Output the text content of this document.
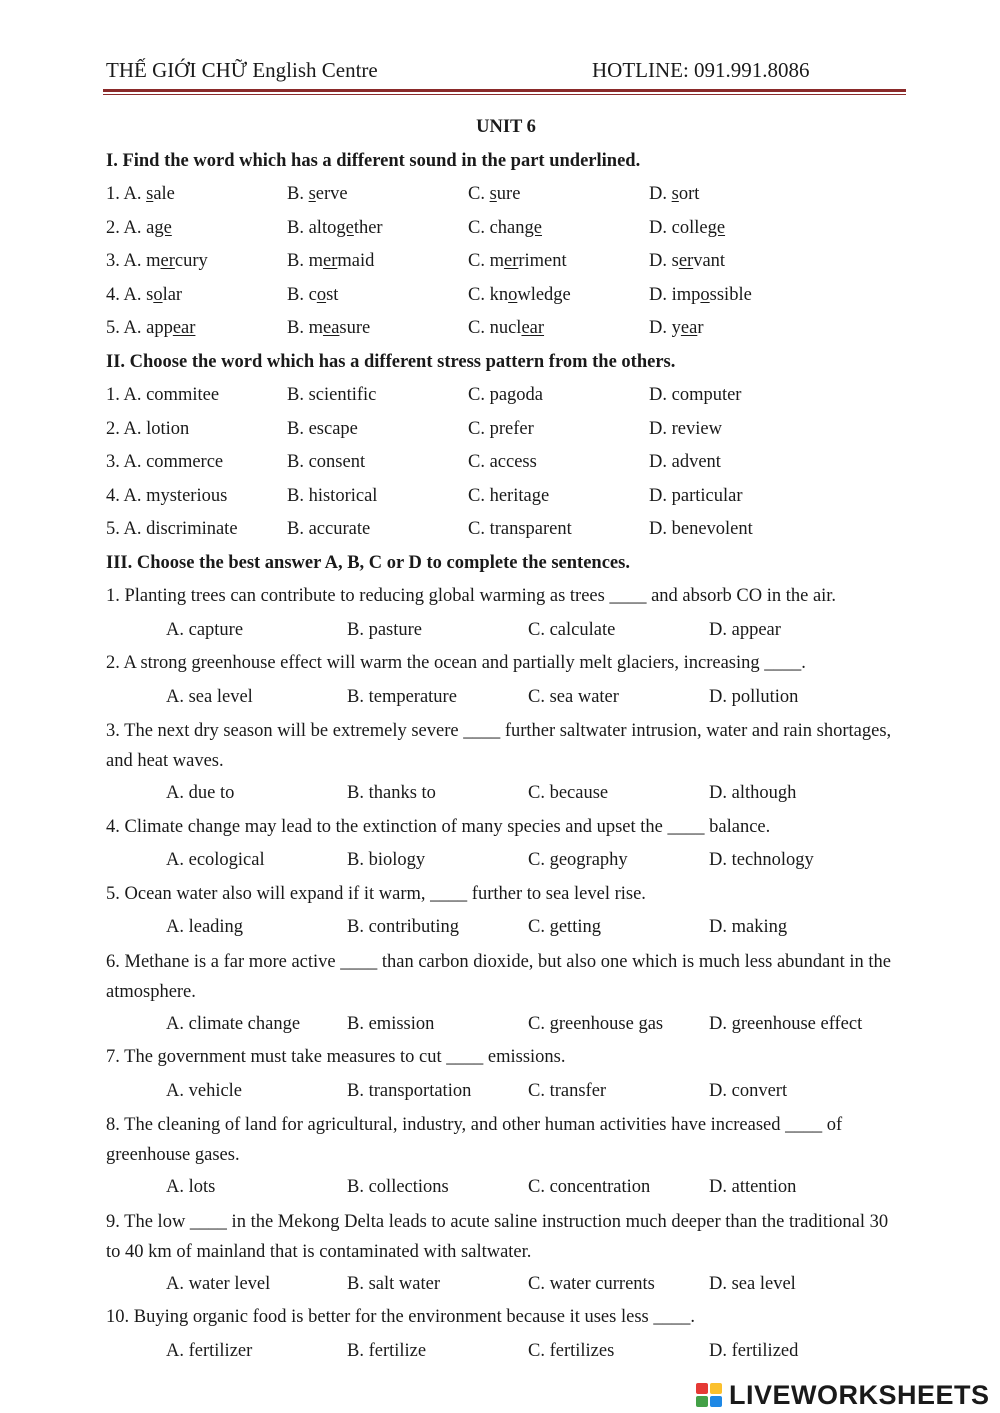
THẾ GIỚI CHỮ English Centre	HOTLINE: 091.991.8086
UNIT 6
I. Find the word which has a different sound in the part underlined.
1. A. sale	B. serve	C. sure	D. sort
2. A. age	B. altogether	C. change	D. college
3. A. mercury	B. mermaid	C. merriment	D. servant
4. A. solar	B. cost	C. knowledge	D. impossible
5. A. appear	B. measure	C. nuclear	D. year
II. Choose the word which has a different stress pattern from the others.
1. A. commitee	B. scientific	C. pagoda	D. computer
2. A. lotion	B. escape	C. prefer	D. review
3. A. commerce	B. consent	C. access	D. advent
4. A. mysterious	B. historical	C. heritage	D. particular
5. A. discriminate	B. accurate	C. transparent	D. benevolent
III. Choose the best answer A, B, C or D to complete the sentences.
1. Planting trees can contribute to reducing global warming as trees ____ and absorb CO in the air.
A. capture	B. pasture	C. calculate	D. appear
2. A strong greenhouse effect will warm the ocean and partially melt glaciers, increasing ____.
A. sea level	B. temperature	C. sea water	D. pollution
3. The next dry season will be extremely severe ____ further saltwater intrusion, water and rain shortages, and heat waves.
A. due to	B. thanks to	C. because	D. although
4. Climate change may lead to the extinction of many species and upset the ____ balance.
A. ecological	B. biology	C. geography	D. technology
5. Ocean water also will expand if it warm, ____ further to sea level rise.
A. leading	B. contributing	C. getting	D. making
6. Methane is a far more active ____ than carbon dioxide, but also one which is much less abundant in the atmosphere.
A. climate change	B. emission	C. greenhouse gas D. greenhouse effect
7. The government must take measures to cut ____ emissions.
A. vehicle	B. transportation	C. transfer	D. convert
8. The cleaning of land for agricultural, industry, and other human activities have increased ____ of greenhouse gases.
A. lots	B. collections	C. concentration	D. attention
9. The low ____ in the Mekong Delta leads to acute saline instruction much deeper than the traditional 30 to 40 km of mainland that is contaminated with saltwater.
A. water level	B. salt water	C. water currents	D. sea level
10. Buying organic food is better for the environment because it uses less ____.
A. fertilizer	B. fertilize	C. fertilizes	D. fertilized
LIVEWORKSHEETS
